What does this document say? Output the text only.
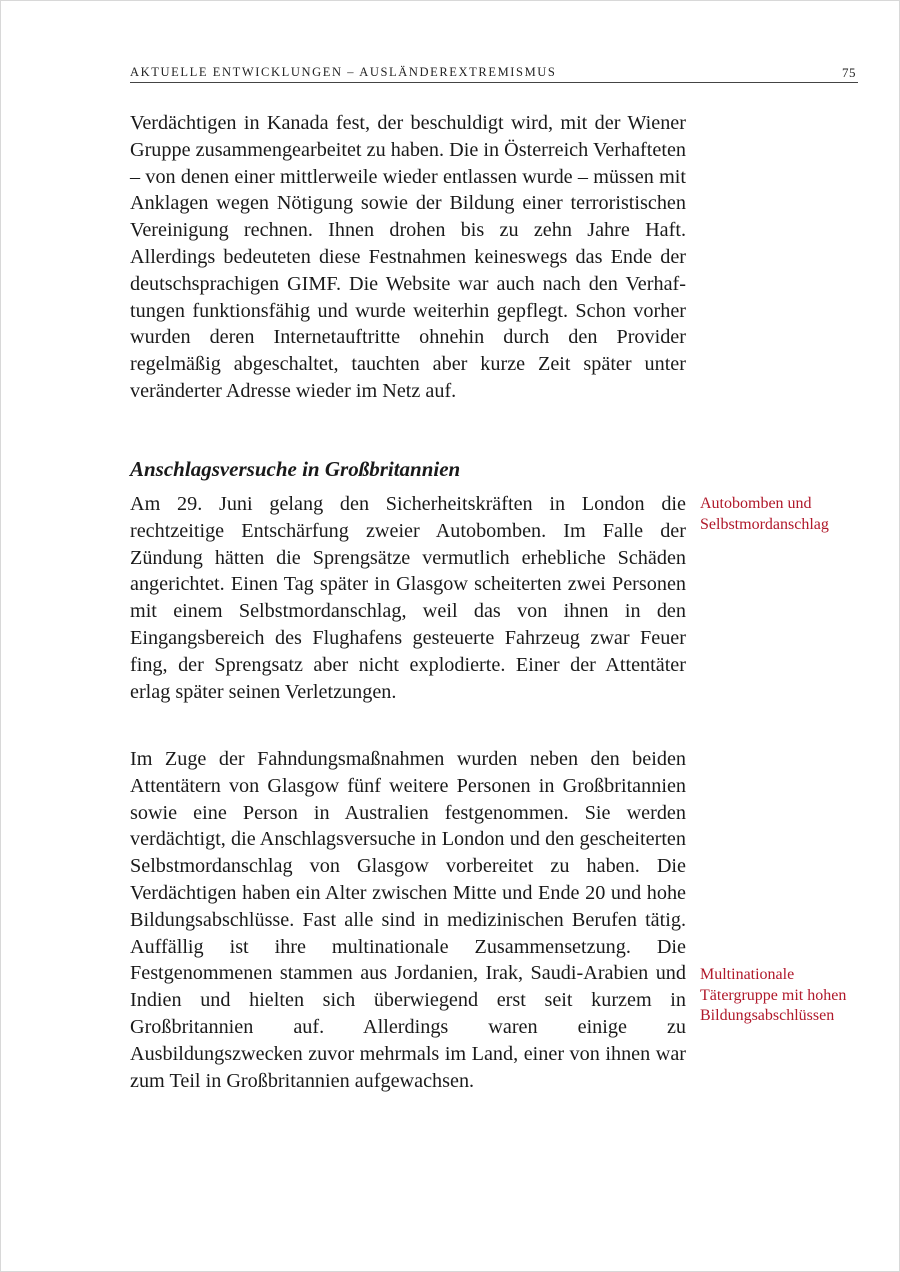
AKTUELLE ENTWICKLUNGEN – AUSLÄNDEREXTREMISMUS	75

Verdächtigen in Kanada fest, der beschuldigt wird, mit der Wiener Gruppe zusammengearbeitet zu haben. Die in Österreich Verhafteten – von denen einer mittlerweile wieder entlassen wurde – müssen mit Anklagen wegen Nötigung sowie der Bildung einer terroristischen Vereinigung rechnen. Ihnen drohen bis zu zehn Jahre Haft. Allerdings bedeuteten diese Festnahmen keineswegs das Ende der deutschsprachigen GIMF. Die Website war auch nach den Verhaftungen funktionsfähig und wurde weiterhin gepflegt. Schon vorher wurden deren Internetauftritte ohnehin durch den Provider regelmäßig abgeschaltet, tauchten aber kurze Zeit später unter veränderter Adresse wieder im Netz auf.

Anschlagsversuche in Großbritannien

Am 29. Juni gelang den Sicherheitskräften in London die rechtzeitige Entschärfung zweier Autobomben. Im Falle der Zündung hätten die Sprengsätze vermutlich erhebliche Schäden angerichtet. Einen Tag später in Glasgow scheiterten zwei Personen mit einem Selbstmordanschlag, weil das von ihnen in den Eingangsbereich des Flughafens gesteuerte Fahrzeug zwar Feuer fing, der Sprengsatz aber nicht explodierte. Einer der Attentäter erlag später seinen Verletzungen.

Im Zuge der Fahndungsmaßnahmen wurden neben den beiden Attentätern von Glasgow fünf weitere Personen in Großbritannien sowie eine Person in Australien festgenommen. Sie werden verdächtigt, die Anschlagsversuche in London und den gescheiterten Selbstmordanschlag von Glasgow vorbereitet zu haben. Die Verdächtigen haben ein Alter zwischen Mitte und Ende 20 und hohe Bildungsabschlüsse. Fast alle sind in medizinischen Berufen tätig. Auffällig ist ihre multinationale Zusammensetzung. Die Festgenommenen stammen aus Jordanien, Irak, Saudi-Arabien und Indien und hielten sich überwiegend erst seit kurzem in Großbritannien auf. Allerdings waren einige zu Ausbildungszwecken zuvor mehrmals im Land, einer von ihnen war zum Teil in Großbritannien aufgewachsen.

Autobomben und Selbstmordanschlag

Multinationale Tätergruppe mit hohen Bildungsabschlüssen
